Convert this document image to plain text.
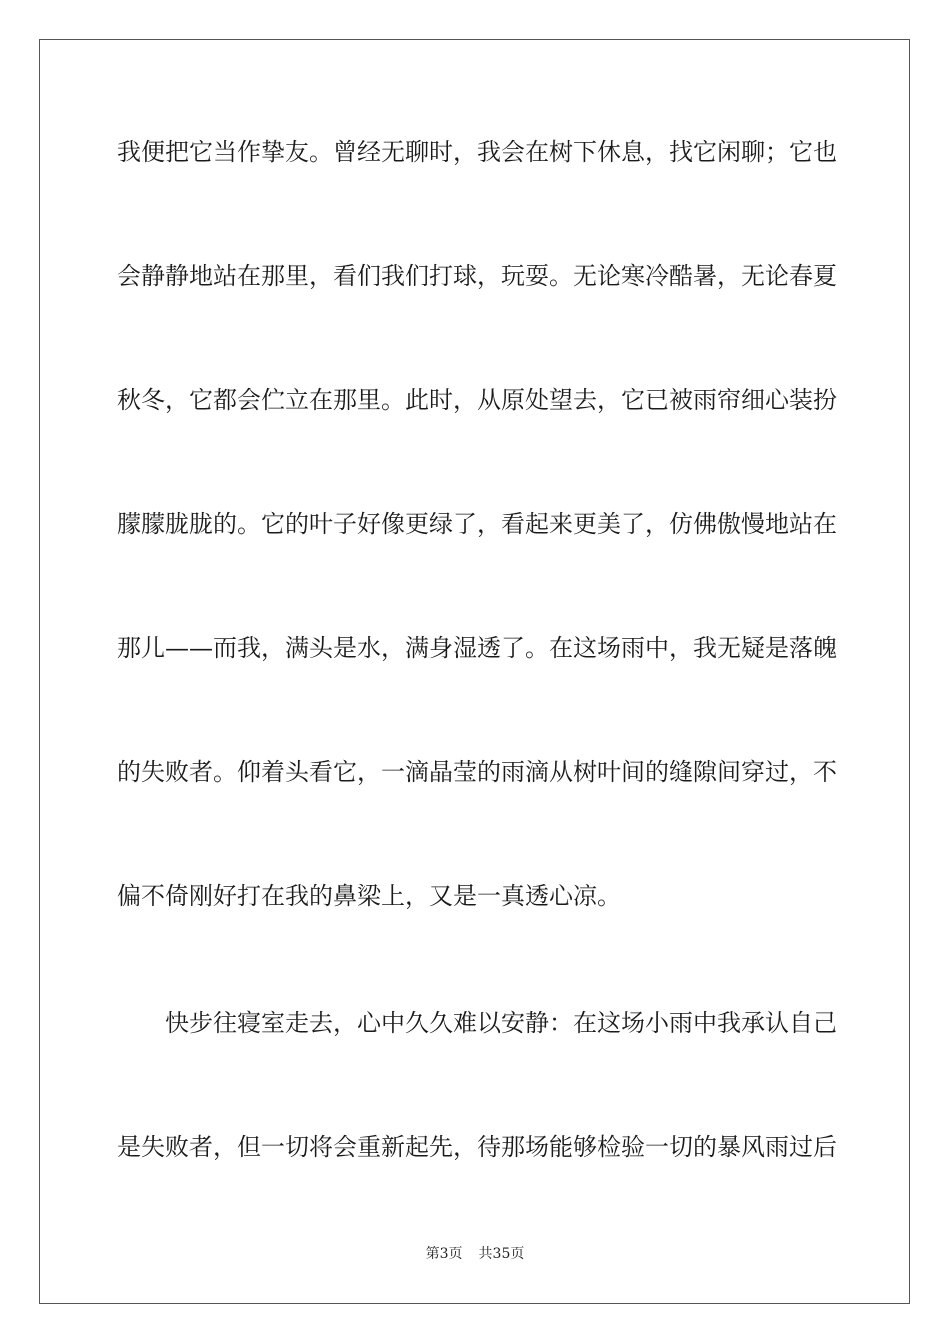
我便把它当作挚友。曾经无聊时，我会在树下休息，找它闲聊；它也
会静静地站在那里，看们我们打球，玩耍。无论寒冷酷暑，无论春夏
秋冬，它都会伫立在那里。此时，从原处望去，它已被雨帘细心装扮
朦朦胧胧的。它的叶子好像更绿了，看起来更美了，仿佛傲慢地站在
那儿——而我，满头是水，满身湿透了。在这场雨中，我无疑是落魄
的失败者。仰着头看它，一滴晶莹的雨滴从树叶间的缝隙间穿过，不
偏不倚刚好打在我的鼻梁上，又是一真透心凉。
快步往寝室走去，心中久久难以安静：在这场小雨中我承认自己
是失败者，但一切将会重新起先，待那场能够检验一切的暴风雨过后
第3页 共35页
